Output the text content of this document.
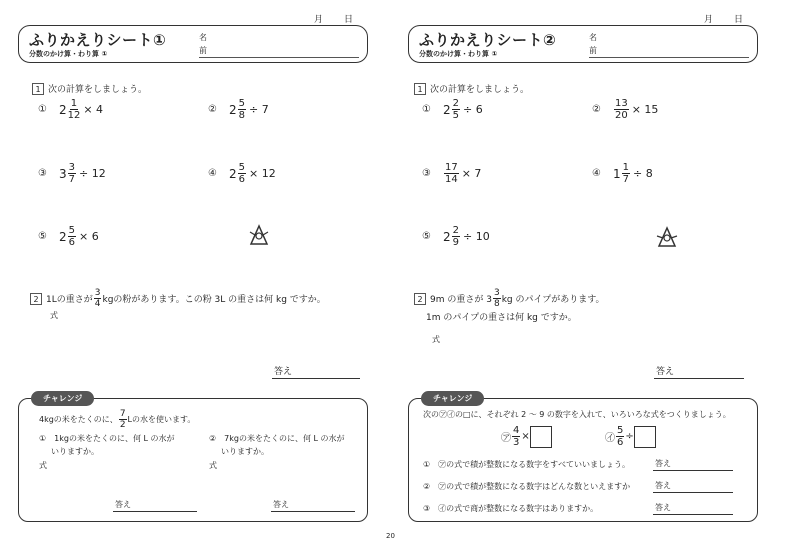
月 日
ふりかえりシート①
分数のかけ算・わり算 ①
名
前
1 次の計算をしましょう。
① $2 \frac{1}{12} \times 4$	② $2 \frac{5}{8} \div 7$
③ $3 \frac{3}{7} \div 12$	④ $2 \frac{5}{6} \times 12$
⑤ $2 \frac{5}{6} \times 6$
2 1Lの重さが $\frac{3}{4}$ kgの粉があります。この粉 3L の重さは何 kg ですか。
式
答え
チャレンジ
4kgの米をたくのに、 $\frac{7}{2}$ Lの水を使います。
①　1kgの米をたくのに、何 L の水が
いりますか。
②　7kgの米をたくのに、何 L の水が
いりますか。
式	式
答え	答え
月 日
ふりかえりシート②
分数のかけ算・わり算 ①
名
前
1 次の計算をしましょう。
① $2 \frac{2}{5} \div 6$	② $\frac{13}{20} \times 15$
③ $\frac{17}{14} \times 7$	④ $1 \frac{1}{7} \div 8$
⑤ $2 \frac{2}{9} \div 10$
2 9m の重さが $3 \frac{3}{8}$ kg のパイプがあります。
1m のパイプの重さは何 kg ですか。
式
答え
チャレンジ
次の㋐㋑の□に、それぞれ 2 ～ 9 の数字を入れて、いろいろな式をつくりましょう。
㋐ $\frac{4}{3}$ ×	㋑ $\frac{5}{6}$ ÷
①　㋐の式で積が整数になる数字をすべていいましょう。	答え
②　㋐の式で積が整数になる数字はどんな数といえますか	答え
③　㋑の式で商が整数になる数字はありますか。	答え
20
